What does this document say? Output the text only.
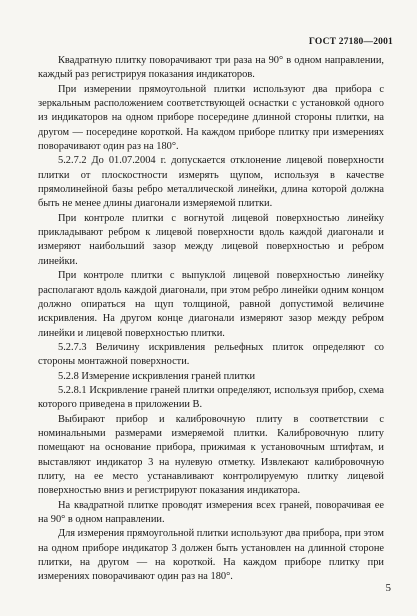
ГОСТ 27180—2001

Квадратную плитку поворачивают три раза на 90° в одном направлении, каждый раз регистрируя показания индикаторов.

При измерении прямоугольной плитки используют два прибора с зеркальным расположением соответствующей оснастки с установкой одного из индикаторов на одном приборе посередине длинной стороны плитки, на другом — посередине короткой. На каждом приборе плитку при измерениях поворачивают один раз на 180°.

5.2.7.2 До 01.07.2004 г. допускается отклонение лицевой поверхности плитки от плоскостности измерять щупом, используя в качестве прямолинейной базы ребро металлической линейки, длина которой должна быть не менее длины диагонали измеряемой плитки.

При контроле плитки с вогнутой лицевой поверхностью линейку прикладывают ребром к лицевой поверхности вдоль каждой диагонали и измеряют наибольший зазор между лицевой поверхностью и ребром линейки.

При контроле плитки с выпуклой лицевой поверхностью линейку располагают вдоль каждой диагонали, при этом ребро линейки одним концом должно опираться на щуп толщиной, равной допустимой величине искривления. На другом конце диагонали измеряют зазор между ребром линейки и лицевой поверхностью плитки.

5.2.7.3 Величину искривления рельефных плиток определяют со стороны монтажной поверхности.

5.2.8 Измерение искривления граней плитки

5.2.8.1 Искривление граней плитки определяют, используя прибор, схема которого приведена в приложении В.

Выбирают прибор и калибровочную плиту в соответствии с номинальными размерами измеряемой плитки. Калибровочную плиту помещают на основание прибора, прижимая к установочным штифтам, и выставляют индикатор 3 на нулевую отметку. Извлекают калибровочную плиту, на ее место устанавливают контролируемую плитку лицевой поверхностью вниз и регистрируют показания индикатора.

На квадратной плитке проводят измерения всех граней, поворачивая ее на 90° в одном направлении.

Для измерения прямоугольной плитки используют два прибора, при этом на одном приборе индикатор 3 должен быть установлен на длинной стороне плитки, на другом — на короткой. На каждом приборе плитку при измерениях поворачивают один раз на 180°.

5
